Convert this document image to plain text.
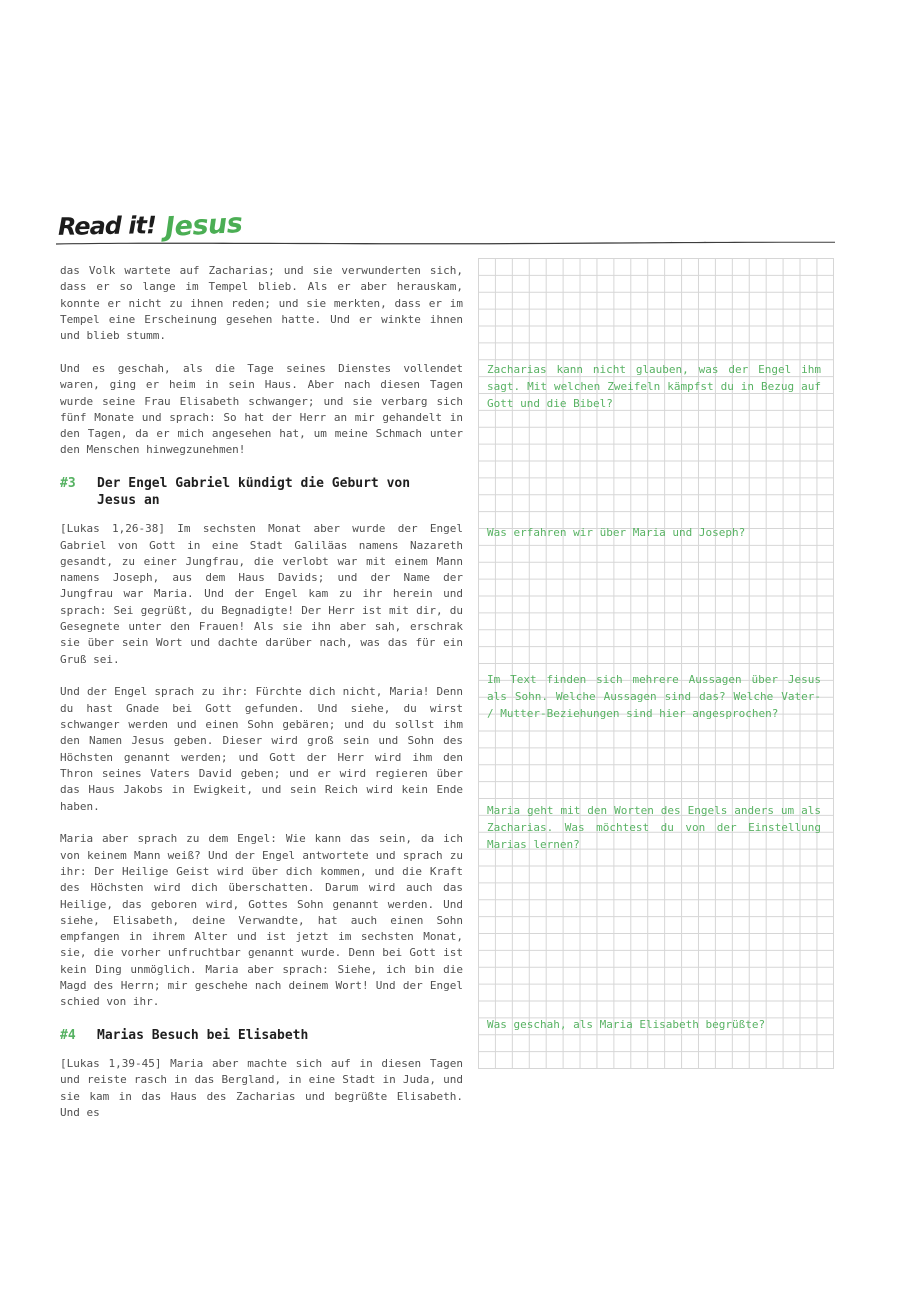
Read it! Jesus

das Volk wartete auf Zacharias; und sie verwunderten sich, dass er so lange im Tempel blieb. Als er aber herauskam, konnte er nicht zu ihnen reden; und sie merkten, dass er im Tempel eine Erscheinung gesehen hatte. Und er winkte ihnen und blieb stumm.

Und es geschah, als die Tage seines Dienstes vollendet waren, ging er heim in sein Haus. Aber nach diesen Tagen wurde seine Frau Elisabeth schwanger; und sie verbarg sich fünf Monate und sprach: So hat der Herr an mir gehandelt in den Tagen, da er mich angesehen hat, um meine Schmach unter den Menschen hinwegzunehmen!

#3	Der Engel Gabriel kündigt die Geburt von Jesus an

[Lukas 1,26-38] Im sechsten Monat aber wurde der Engel Gabriel von Gott in eine Stadt Galiläas namens Nazareth gesandt, zu einer Jungfrau, die verlobt war mit einem Mann namens Joseph, aus dem Haus Davids; und der Name der Jungfrau war Maria. Und der Engel kam zu ihr herein und sprach: Sei gegrüßt, du Begnadigte! Der Herr ist mit dir, du Gesegnete unter den Frauen! Als sie ihn aber sah, erschrak sie über sein Wort und dachte darüber nach, was das für ein Gruß sei.

Und der Engel sprach zu ihr: Fürchte dich nicht, Maria! Denn du hast Gnade bei Gott gefunden. Und siehe, du wirst schwanger werden und einen Sohn gebären; und du sollst ihm den Namen Jesus geben. Dieser wird groß sein und Sohn des Höchsten genannt werden; und Gott der Herr wird ihm den Thron seines Vaters David geben; und er wird regieren über das Haus Jakobs in Ewigkeit, und sein Reich wird kein Ende haben.

Maria aber sprach zu dem Engel: Wie kann das sein, da ich von keinem Mann weiß? Und der Engel antwortete und sprach zu ihr: Der Heilige Geist wird über dich kommen, und die Kraft des Höchsten wird dich überschatten. Darum wird auch das Heilige, das geboren wird, Gottes Sohn genannt werden. Und siehe, Elisabeth, deine Verwandte, hat auch einen Sohn empfangen in ihrem Alter und ist jetzt im sechsten Monat, sie, die vorher unfruchtbar genannt wurde. Denn bei Gott ist kein Ding unmöglich. Maria aber sprach: Siehe, ich bin die Magd des Herrn; mir geschehe nach deinem Wort! Und der Engel schied von ihr.

#4	Marias Besuch bei Elisabeth

[Lukas 1,39-45] Maria aber machte sich auf in diesen Tagen und reiste rasch in das Bergland, in eine Stadt in Juda, und sie kam in das Haus des Zacharias und begrüßte Elisabeth. Und es

Zacharias kann nicht glauben, was der Engel ihm sagt. Mit welchen Zweifeln kämpfst du in Bezug auf Gott und die Bibel?
Was erfahren wir über Maria und Joseph?
Im Text finden sich mehrere Aussagen über Jesus als Sohn. Welche Aussagen sind das? Welche Vater- / Mutter-Beziehungen sind hier angesprochen?
Maria geht mit den Worten des Engels anders um als Zacharias. Was möchtest du von der Einstellung Marias lernen?
Was geschah, als Maria Elisabeth begrüßte?
